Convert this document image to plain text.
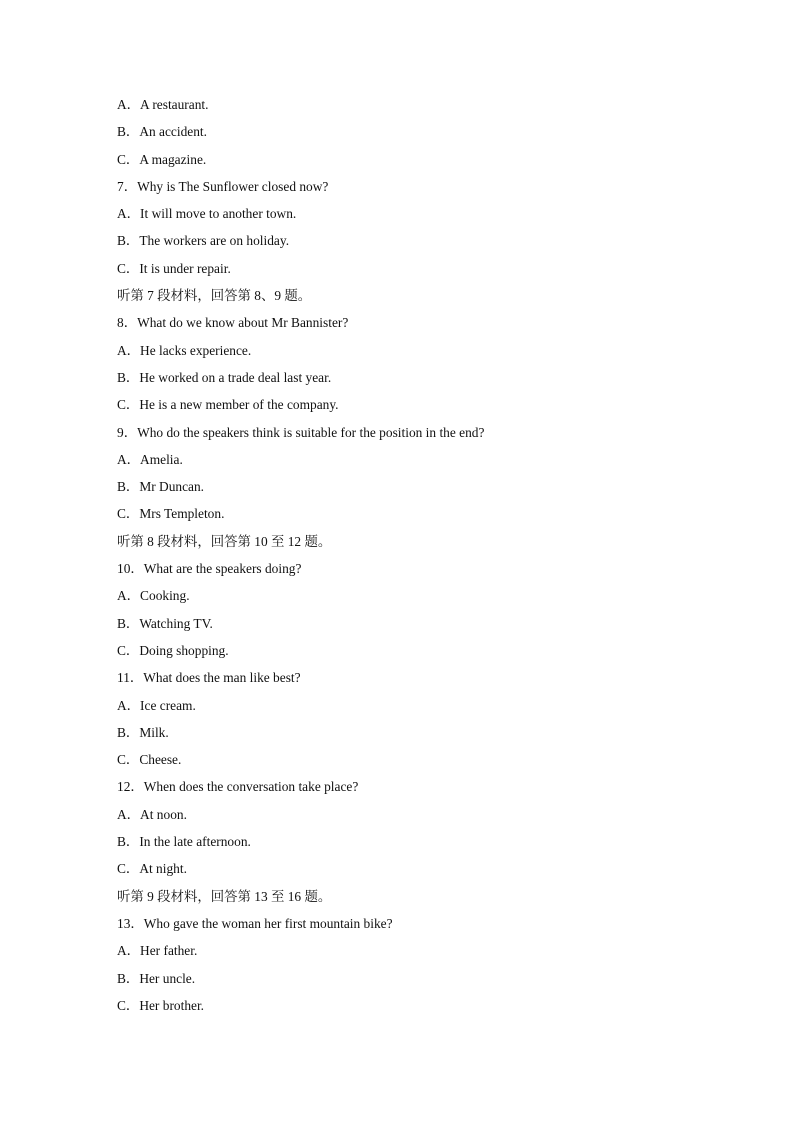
A．A restaurant.
B．An accident.
C．A magazine.
7．Why is The Sunflower closed now?
A．It will move to another town.
B．The workers are on holiday.
C．It is under repair.
听第 7 段材料，回答第 8、9 题。
8．What do we know about Mr Bannister?
A．He lacks experience.
B．He worked on a trade deal last year.
C．He is a new member of the company.
9．Who do the speakers think is suitable for the position in the end?
A．Amelia.
B．Mr Duncan.
C．Mrs Templeton.
听第 8 段材料，回答第 10 至 12 题。
10．What are the speakers doing?
A．Cooking.
B．Watching TV.
C．Doing shopping.
11．What does the man like best?
A．Ice cream.
B．Milk.
C．Cheese.
12．When does the conversation take place?
A．At noon.
B．In the late afternoon.
C．At night.
听第 9 段材料，回答第 13 至 16 题。
13．Who gave the woman her first mountain bike?
A．Her father.
B．Her uncle.
C．Her brother.
